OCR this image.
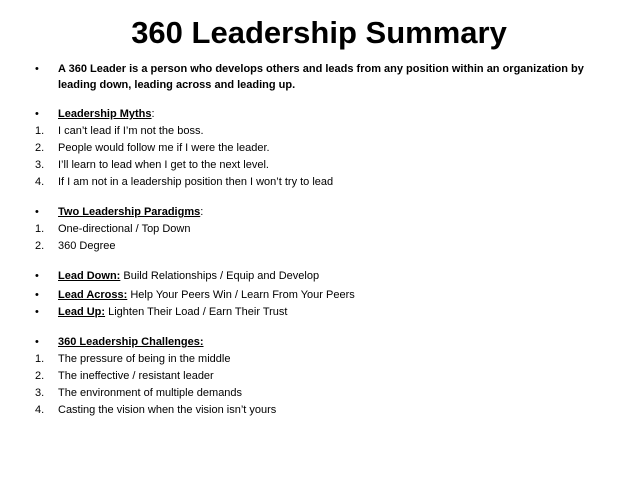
360 Leadership Summary
•	A 360 Leader is a person who develops others and leads from any position within an organization by
leading down, leading across and leading up.
•	Leadership Myths:
1.	I can’t lead if I’m not the boss.
2.	People would follow me if I were the leader.
3.	I’ll learn to lead when I get to the next level.
4.	If I am not in a leadership position then I won’t try to lead
•	Two Leadership Paradigms:
1.	One-directional / Top Down
2.	360 Degree
•	Lead Down: Build Relationships / Equip and Develop
•	Lead Across: Help Your Peers Win / Learn From Your Peers
•	Lead Up: Lighten Their Load / Earn Their Trust
•	360 Leadership Challenges:
1.	The pressure of being in the middle
2.	The ineffective / resistant leader
3.	The environment of multiple demands
4.	Casting the vision when the vision isn’t yours
